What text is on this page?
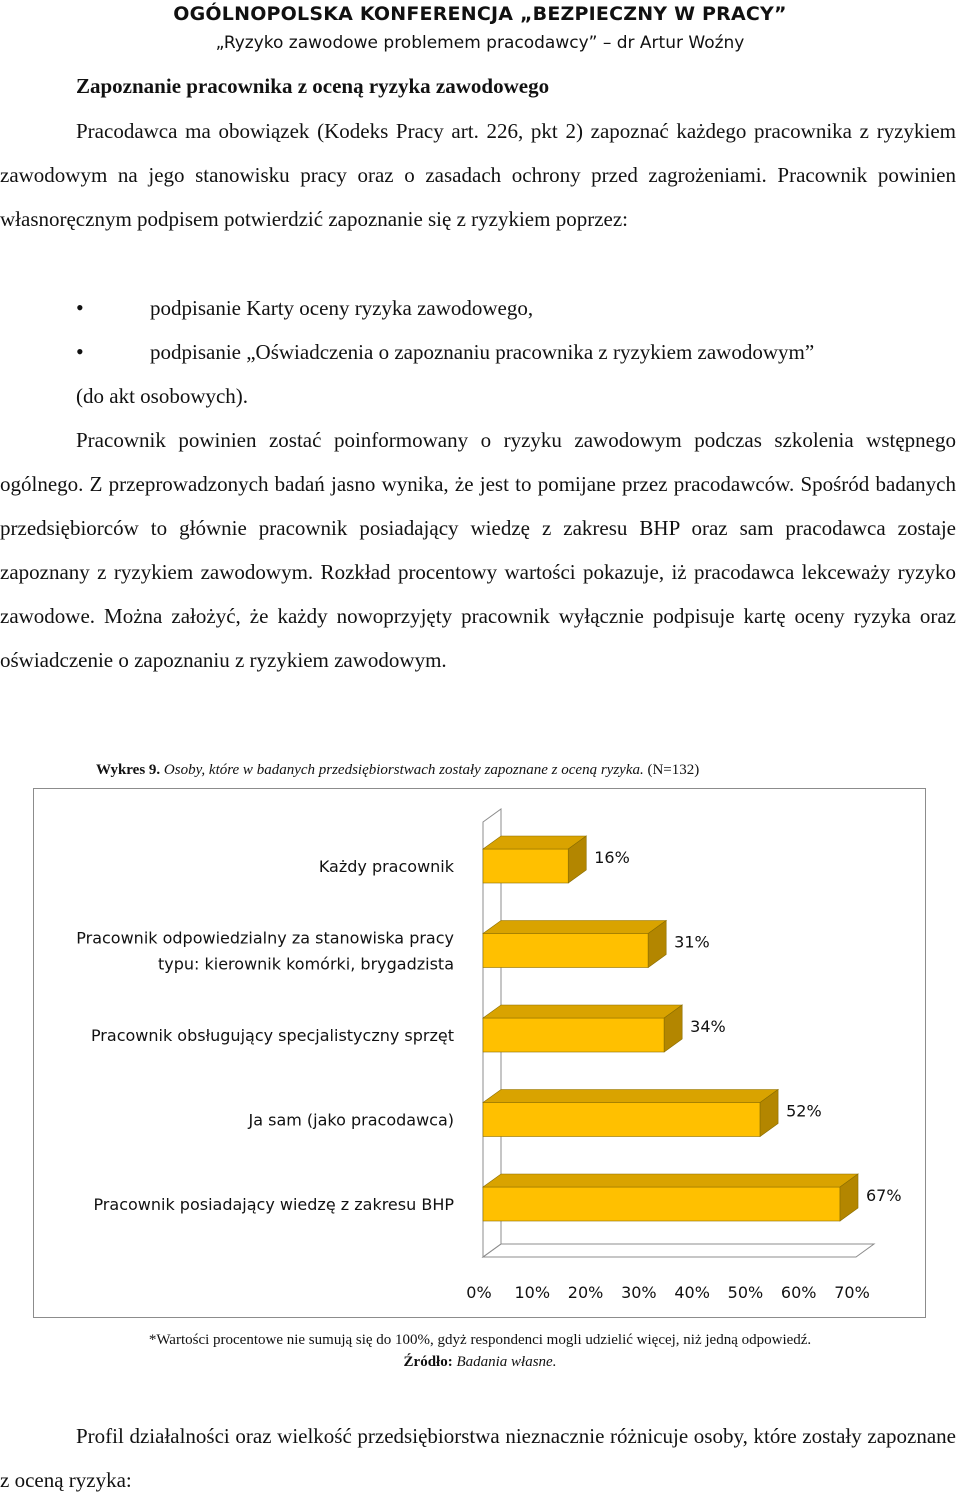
OGÓLNOPOLSKA KONFERENCJA „BEZPIECZNY W PRACY”
„Ryzyko zawodowe problemem pracodawcy” – dr Artur Woźny
Zapoznanie pracownika z oceną ryzyka zawodowego
Pracodawca ma obowiązek (Kodeks Pracy art. 226, pkt 2) zapoznać każdego pracownika z ryzykiem zawodowym na jego stanowisku pracy oraz o zasadach ochrony przed zagrożeniami. Pracownik powinien własnoręcznym podpisem potwierdzić zapoznanie się z ryzykiem poprzez:
•	podpisanie Karty oceny ryzyka zawodowego,
•	podpisanie „Oświadczenia o zapoznaniu pracownika z ryzykiem zawodowym”
(do akt osobowych).
Pracownik powinien zostać poinformowany o ryzyku zawodowym podczas szkolenia wstępnego ogólnego. Z przeprowadzonych badań jasno wynika, że jest to pomijane przez pracodawców. Spośród badanych przedsiębiorców to głównie pracownik posiadający wiedzę z zakresu BHP oraz sam pracodawca zostaje zapoznany z ryzykiem zawodowym. Rozkład procentowy wartości pokazuje, iż pracodawca lekceważy ryzyko zawodowe. Można założyć, że każdy nowoprzyjęty pracownik wyłącznie podpisuje kartę oceny ryzyka oraz oświadczenie o zapoznaniu z ryzykiem zawodowym.
Wykres 9. Osoby, które w badanych przedsiębiorstwach zostały zapoznane z oceną ryzyka. (N=132)
16%
Każdy pracownik
31%
Pracownik odpowiedzialny za stanowiska pracy
typu: kierownik komórki, brygadzista
34%
Pracownik obsługujący specjalistyczny sprzęt
52%
Ja sam (jako pracodawca)
67%
Pracownik posiadający wiedzę z zakresu BHP
0% 10% 20% 30% 40% 50% 60% 70%
*Wartości procentowe nie sumują się do 100%, gdyż respondenci mogli udzielić więcej, niż jedną odpowiedź.
Źródło: Badania własne.
Profil działalności oraz wielkość przedsiębiorstwa nieznacznie różnicuje osoby, które zostały zapoznane z oceną ryzyka:
